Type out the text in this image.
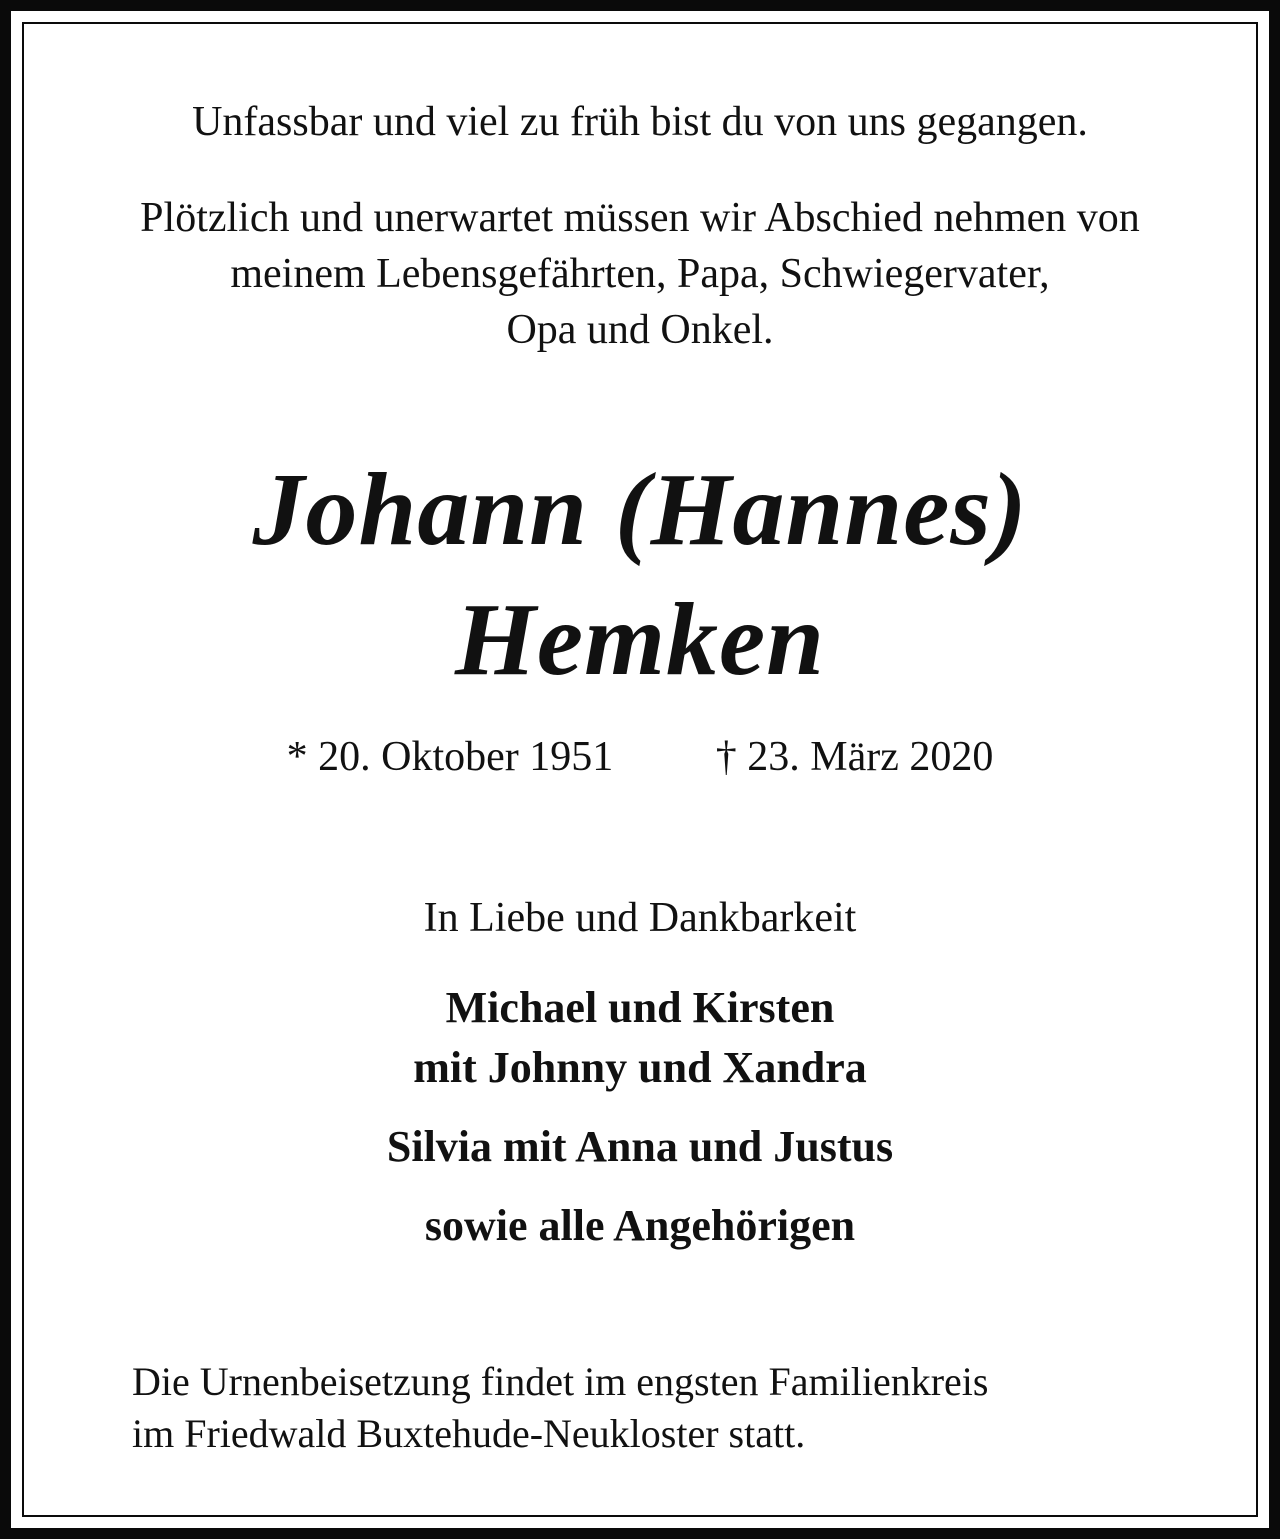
Unfassbar und viel zu früh bist du von uns gegangen.

Plötzlich und unerwartet müssen wir Abschied nehmen von
meinem Lebensgefährten, Papa, Schwiegervater,
Opa und Onkel.
Johann (Hannes)
Hemken
* 20. Oktober 1951 † 23. März 2020

In Liebe und Dankbarkeit

Michael und Kirsten

mit Johnny und Xandra

Silvia mit Anna und Justus

sowie alle Angehörigen

Die Urnenbeisetzung findet im engsten Familienkreis
im Friedwald Buxtehude-Neukloster statt.
